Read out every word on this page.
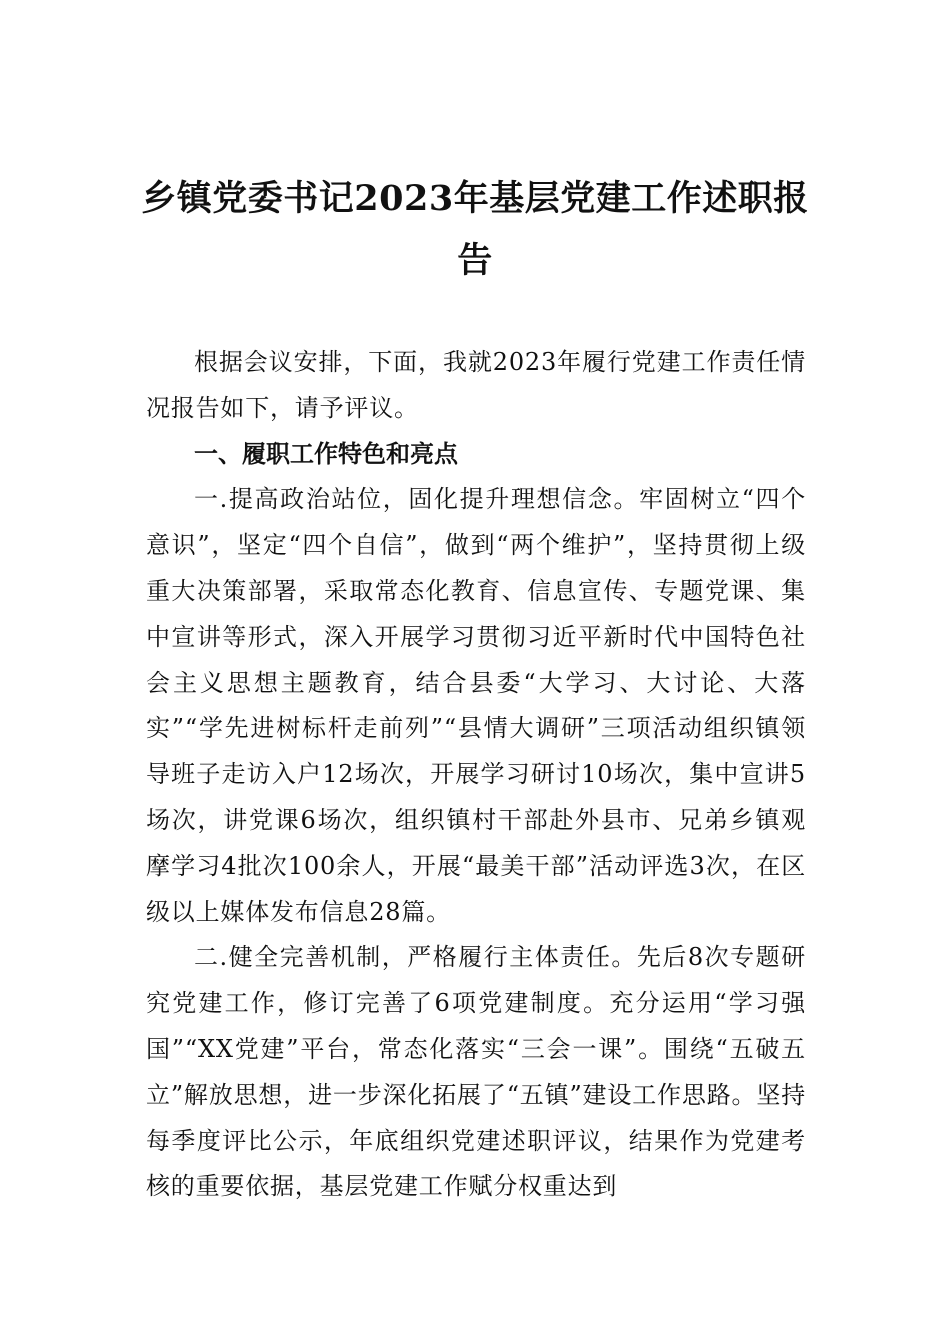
乡镇党委书记2023年基层党建工作述职报告

根据会议安排，下面，我就2023年履行党建工作责任情况报告如下，请予评议。

一、履职工作特色和亮点

一.提高政治站位，固化提升理想信念。牢固树立“四个意识”，坚定“四个自信”，做到“两个维护”，坚持贯彻上级重大决策部署，采取常态化教育、信息宣传、专题党课、集中宣讲等形式，深入开展学习贯彻习近平新时代中国特色社会主义思想主题教育，结合县委“大学习、大讨论、大落实”“学先进树标杆走前列”“县情大调研”三项活动组织镇领导班子走访入户12场次，开展学习研讨10场次，集中宣讲5场次，讲党课6场次，组织镇村干部赴外县市、兄弟乡镇观摩学习4批次100余人，开展“最美干部”活动评选3次，在区级以上媒体发布信息28篇。

二.健全完善机制，严格履行主体责任。先后8次专题研究党建工作，修订完善了6项党建制度。充分运用“学习强国”“XX党建”平台，常态化落实“三会一课”。围绕“五破五立”解放思想，进一步深化拓展了“五镇”建设工作思路。坚持每季度评比公示，年底组织党建述职评议，结果作为党建考核的重要依据，基层党建工作赋分权重达到
